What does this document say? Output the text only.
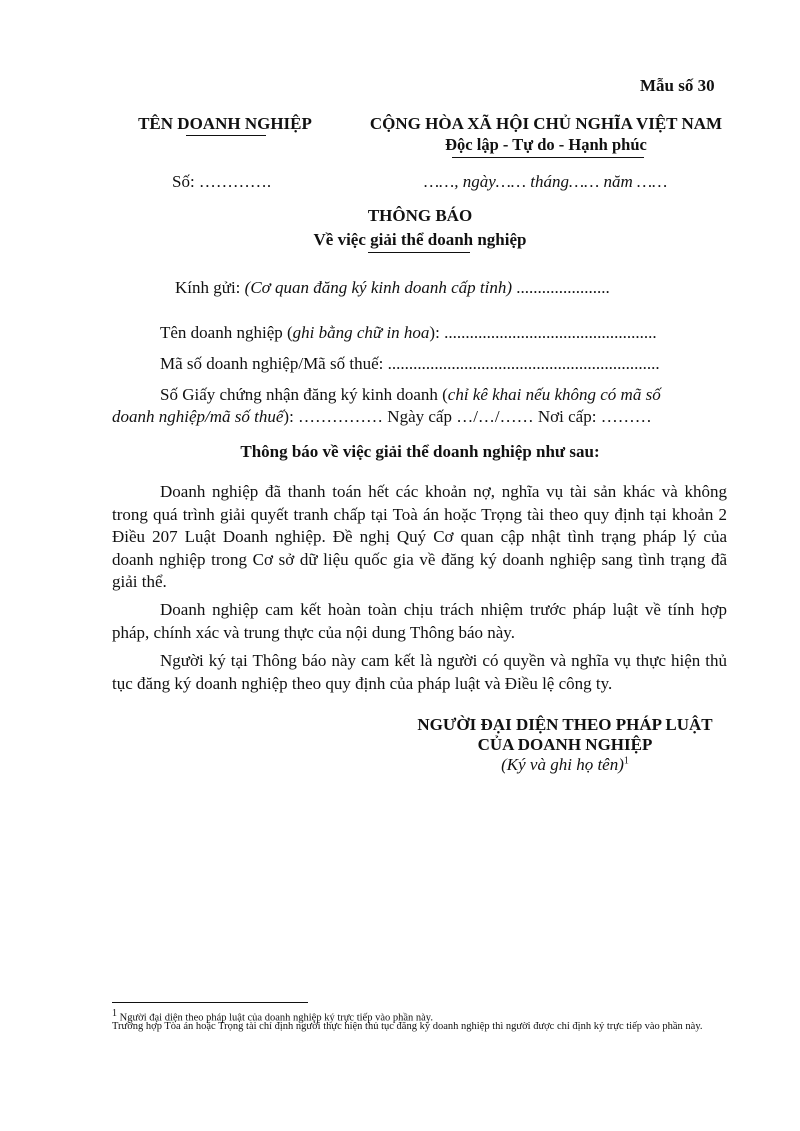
Mẫu số 30
TÊN DOANH NGHIỆP	CỘNG HÒA XÃ HỘI CHỦ NGHĨA VIỆT NAM
Độc lập - Tự do - Hạnh phúc
Số: ………….	……, ngày…… tháng…… năm ……
THÔNG BÁO
Về việc giải thể doanh nghiệp
Kính gửi: (Cơ quan đăng ký kinh doanh cấp tỉnh) ......................
Tên doanh nghiệp (ghi bằng chữ in hoa): ..................................................
Mã số doanh nghiệp/Mã số thuế: ................................................................
Số Giấy chứng nhận đăng ký kinh doanh (chỉ kê khai nếu không có mã số
doanh nghiệp/mã số thuế): …………… Ngày cấp …/…/…… Nơi cấp: ………
Thông báo về việc giải thể doanh nghiệp như sau:
Doanh nghiệp đã thanh toán hết các khoản nợ, nghĩa vụ tài sản khác và không trong quá trình giải quyết tranh chấp tại Toà án hoặc Trọng tài theo quy định tại khoản 2 Điều 207 Luật Doanh nghiệp. Đề nghị Quý Cơ quan cập nhật tình trạng pháp lý của doanh nghiệp trong Cơ sở dữ liệu quốc gia về đăng ký doanh nghiệp sang tình trạng đã giải thể.
Doanh nghiệp cam kết hoàn toàn chịu trách nhiệm trước pháp luật về tính hợp pháp, chính xác và trung thực của nội dung Thông báo này.
Người ký tại Thông báo này cam kết là người có quyền và nghĩa vụ thực hiện thủ tục đăng ký doanh nghiệp theo quy định của pháp luật và Điều lệ công ty.
NGƯỜI ĐẠI DIỆN THEO PHÁP LUẬT
CỦA DOANH NGHIỆP
(Ký và ghi họ tên)$^1$
$^1$ Người đại diện theo pháp luật của doanh nghiệp ký trực tiếp vào phần này.
Trường hợp Tòa án hoặc Trọng tài chỉ định người thực hiện thủ tục đăng ký doanh nghiệp thì người được chỉ định ký trực tiếp vào phần này.
